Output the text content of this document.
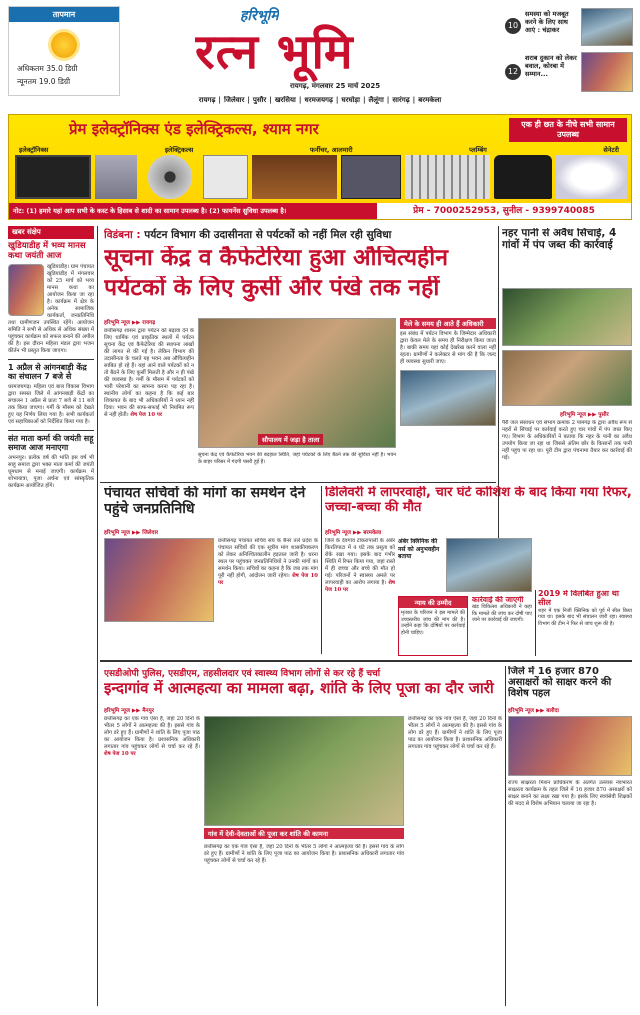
तापमान
अधिकतम 35.0 डिग्री
न्यूनतम 19.0 डिग्री
हरिभूमि
रत्न भूमि
रायगढ़, मंगलवार 25 मार्च 2025
10
समस्या को मजबूत करने के लिए साथ आएं : चंद्राकर
12
शराब दुकान को लेकर बवाल, कोरबा में सम्मान...
रायगढ़ | जिलेवार | पुसौर | खरसिया | धरमजयगढ़ | घरघोड़ा | लैलूंगा | सारंगढ़ | बरमकेला
प्रेम इलेक्ट्रॉनिक्स एंड इलेक्ट्रिकल्स, श्याम नगर	एक ही छत के नीचे सभी सामान उपलब्ध
इलेक्ट्रॉनिक्स	इलेक्ट्रिकल्स	फर्नीचर, आलमारी	प्लम्बिंग	सेनेटरी
नोट: (1) हमारे यहां आप सभी के कस्ट के हिसाब से शादी का सामान उपलब्ध है। (2) फायनेंस सुविधा उपलब्ध है।	प्रेम - 7000252953, सुनील - 9399740085
खबर संक्षेप
खुडियाडीह में भव्य मानस कथा जयंती आज
खुडियाडीह। ग्राम पंचायत खुडियाडीह में मंगलवार को 25 मार्च को भव्य मानस कथा का आयोजन किया जा रहा है। कार्यक्रम में क्षेत्र के अनेक सामाजिक कार्यकर्ता, जनप्रतिनिधि तथा ग्रामीणजन उपस्थित रहेंगे। आयोजन समिति ने सभी से अधिक से अधिक संख्या में पहुंचकर कार्यक्रम को सफल बनाने की अपील की है। इस दौरान महिला मंडल द्वारा भजन कीर्तन भी प्रस्तुत किया जाएगा।
1 अप्रैल से आंगनबाड़ी केंद्र का संचालन 7 बजे से
धरमजयगढ़। महिला एवं बाल विकास विभाग द्वारा समस्त जिले में आंगनबाड़ी केंद्रों का संचालन 1 अप्रैल से प्रातः 7 बजे से 11 बजे तक किया जाएगा। गर्मी के मौसम को देखते हुए यह निर्णय लिया गया है। सभी कार्यकर्ता एवं सहायिकाओं को निर्देशित किया गया है।
संत माता कर्मा की जयंती सहू समाज आज मनाएगा
अभनपुर। प्रत्येक वर्ष की भांति इस वर्ष भी साहू समाज द्वारा भक्त माता कर्मा की जयंती धूमधाम से मनाई जाएगी। कार्यक्रम में शोभायात्रा, पूजा अर्चना एवं सांस्कृतिक कार्यक्रम आयोजित होंगे।
विडंबना : पर्यटन विभाग की उदासीनता से पर्यटकों को नहीं मिल रही सुविधा
सूचना केंद्र व कैफेटेरिया हुआ औचित्यहीन
पर्यटकों के लिए कुर्सी और पंखे तक नहीं
हरिभूमि न्यूज ▶▶ रायगढ़
छत्तीसगढ़ शासन द्वारा पर्यटन को बढ़ावा देने के लिए धार्मिक एवं प्राकृतिक स्थलों में पर्यटन सूचना केंद्र एवं कैफेटेरिया की स्थापना लाखों की लागत से की गई है। लेकिन विभाग की उदासीनता के चलते यह भवन अब औचित्यहीन साबित हो रहे हैं। यहां आने वाले पर्यटकों को न तो बैठने के लिए कुर्सी मिलती है और न ही पंखे की व्यवस्था है। गर्मी के मौसम में पर्यटकों को भारी परेशानी का सामना करना पड़ रहा है। स्थानीय लोगों का कहना है कि कई बार शिकायत के बाद भी अधिकारियों ने ध्यान नहीं दिया। भवन की साफ-सफाई भी नियमित रूप से नहीं होती। शेष पेज 10 पर
सौपालय में जड़ा है ताला
मेले के समय ही आते हैं अधिकारी
इस संबंध में पर्यटन विभाग के जिम्मेदार अधिकारी द्वारा केवल मेले के समय ही निरीक्षण किया जाता है। बाकी समय यहां कोई देखरेख करने वाला नहीं रहता। ग्रामीणों ने कलेक्टर से मांग की है कि जल्द ही व्यवस्था सुधारी जाए।
सूचना केंद्र एवं कैफेटेरिया भवन की बदहाल स्थिति, जहां पर्यटकों के लिए बैठने तक की सुविधा नहीं है। भवन के बाहर परिसर में गंदगी पसरी हुई है।
नहर पानी से अवैध सिंचाई, 4 गांवों में पंप जब्त की कार्रवाई
हरिभूमि न्यूज ▶▶ पुसौर
पैरी जल संसाधन एवं संभाग क्रमांक 2 पामगढ़ के द्वारा अवैध रूप से नहरों से सिंचाई पर कार्रवाई करते हुए चार गांवों में पंप जब्त किए गए। विभाग के अधिकारियों ने बताया कि नहर के पानी का अवैध उपयोग किया जा रहा था जिससे अंतिम छोर के किसानों तक पानी नहीं पहुंच पा रहा था। पूरी टीम द्वारा पंचनामा तैयार कर कार्रवाई की गई।
पंचायत सचिवों की मांगों का समर्थन देने पहुंचे जनप्रतिनिधि
हरिभूमि न्यूज ▶▶ जिलेवार
छत्तीसगढ़ पंचायत सचिव संघ के बैनर तले प्रदेश के पंचायत सचिवों की एक सूत्रीय मांग शासकीयकरण को लेकर अनिश्चितकालीन हड़ताल जारी है। धरना स्थल पर पहुंचकर जनप्रतिनिधियों ने उनकी मांगों का समर्थन किया। सचिवों का कहना है कि जब तक मांग पूरी नहीं होगी, आंदोलन जारी रहेगा। शेष पेज 10 पर
डिलिवरी में लापरवाही, चार घंटे कोशिश के बाद किया गया रिफर, जच्चा-बच्चा की मौत
हरिभूमि न्यूज ▶▶ बरमकेला
जिले के देवगांव टोकरापाली के अंबेर किरतिपाटा में 4 घंटे तक प्रसूता को रोके रखा गया। इसके बाद गंभीर स्थिति में रिफर किया गया, जहां रास्ते में ही जच्चा और बच्चे की मौत हो गई। परिजनों ने स्वास्थ्य अमले पर लापरवाही का आरोप लगाया है। शेष पेज 10 पर
अंबेर क्लिनिक की नर्स को अनुभवहीन बताया
न्याय की उम्मीद
मृतका के परिजन ने इस मामले की उच्चस्तरीय जांच की मांग की है। उन्होंने कहा कि दोषियों पर कार्रवाई होनी चाहिए।
कार्रवाई की जाएगी
खंड चिकित्सा अधिकारी ने कहा कि मामले की जांच कर दोषी पाए जाने पर कार्रवाई की जाएगी।
2019 में विलंबित हुआ था सील
शहर में एक निजी क्लिनिक को पूर्व में सील किया गया था। इसके बाद भी संचालन जारी रहा। स्वास्थ्य विभाग की टीम ने फिर से जांच शुरू की है।
एसडीओपी पुलिस, एसडीएम, तहसीलदार एवं स्वास्थ्य विभाग लोगों से कर रहे हैं चर्चा
इन्दागांव में आत्महत्या का मामला बढ़ा, शांति के लिए पूजा का दौर जारी
हरिभूमि न्यूज ▶▶ मैनपुर
छत्तीसगढ़ का एक गांव ऐसा है, जहां 20 दिनों के भीतर 5 लोगों ने आत्महत्या की है। इससे गांव के लोग डरे हुए हैं। ग्रामीणों ने शांति के लिए पूजा पाठ का आयोजन किया है। प्रशासनिक अधिकारी लगातार गांव पहुंचकर लोगों से चर्चा कर रहे हैं। शेष पेज 10 पर
गांव में देवी-देवताओं की पूजा कर शांति की कामना
छत्तीसगढ़ का एक गांव ऐसा है, जहां 20 दिनों के भीतर 5 लोगों ने आत्महत्या की है। इससे गांव के लोग डरे हुए हैं। ग्रामीणों ने शांति के लिए पूजा पाठ का आयोजन किया है। प्रशासनिक अधिकारी लगातार गांव पहुंचकर लोगों से चर्चा कर रहे हैं।
छत्तीसगढ़ का एक गांव ऐसा है, जहां 20 दिनों के भीतर 5 लोगों ने आत्महत्या की है। इससे गांव के लोग डरे हुए हैं। ग्रामीणों ने शांति के लिए पूजा पाठ का आयोजन किया है। प्रशासनिक अधिकारी लगातार गांव पहुंचकर लोगों से चर्चा कर रहे हैं।
जिले में 16 हजार 870 असाक्षरों को साक्षर करने की विशेष पहल
हरिभूमि न्यूज ▶▶ बलौदा
राज्य साक्षरता मिशन प्राधिकरण के अंतर्गत उल्लास नवभारत साक्षरता कार्यक्रम के तहत जिले में 16 हजार 870 असाक्षरों को साक्षर बनाने का लक्ष्य रखा गया है। इसके लिए स्वयंसेवी शिक्षकों की मदद से विशेष अभियान चलाया जा रहा है।
